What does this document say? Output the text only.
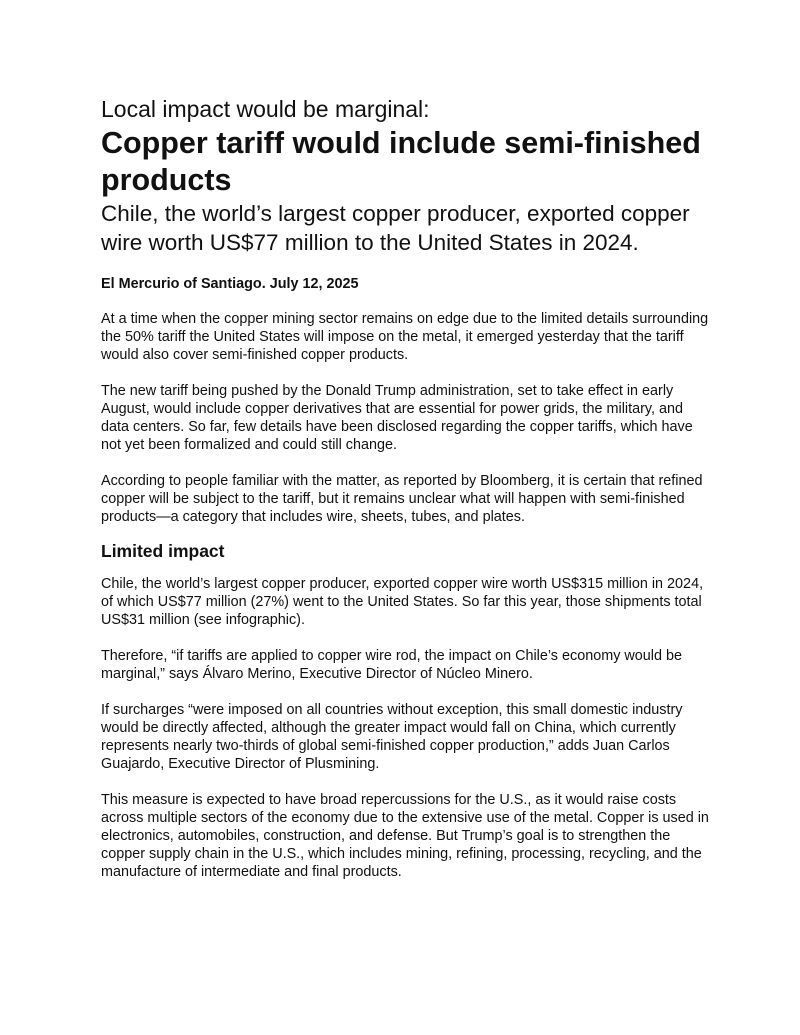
Local impact would be marginal:

Copper tariff would include semi-finished products

Chile, the world’s largest copper producer, exported copper wire worth US$77 million to the United States in 2024.

El Mercurio of Santiago. July 12, 2025

At a time when the copper mining sector remains on edge due to the limited details surrounding the 50% tariff the United States will impose on the metal, it emerged yesterday that the tariff would also cover semi-finished copper products.

The new tariff being pushed by the Donald Trump administration, set to take effect in early August, would include copper derivatives that are essential for power grids, the military, and data centers. So far, few details have been disclosed regarding the copper tariffs, which have not yet been formalized and could still change.

According to people familiar with the matter, as reported by Bloomberg, it is certain that refined copper will be subject to the tariff, but it remains unclear what will happen with semi-finished products—a category that includes wire, sheets, tubes, and plates.

Limited impact

Chile, the world’s largest copper producer, exported copper wire worth US$315 million in 2024, of which US$77 million (27%) went to the United States. So far this year, those shipments total US$31 million (see infographic).

Therefore, “if tariffs are applied to copper wire rod, the impact on Chile’s economy would be marginal,” says Álvaro Merino, Executive Director of Núcleo Minero.

If surcharges “were imposed on all countries without exception, this small domestic industry would be directly affected, although the greater impact would fall on China, which currently represents nearly two-thirds of global semi-finished copper production,” adds Juan Carlos Guajardo, Executive Director of Plusmining.

This measure is expected to have broad repercussions for the U.S., as it would raise costs across multiple sectors of the economy due to the extensive use of the metal. Copper is used in electronics, automobiles, construction, and defense. But Trump’s goal is to strengthen the copper supply chain in the U.S., which includes mining, refining, processing, recycling, and the manufacture of intermediate and final products.
